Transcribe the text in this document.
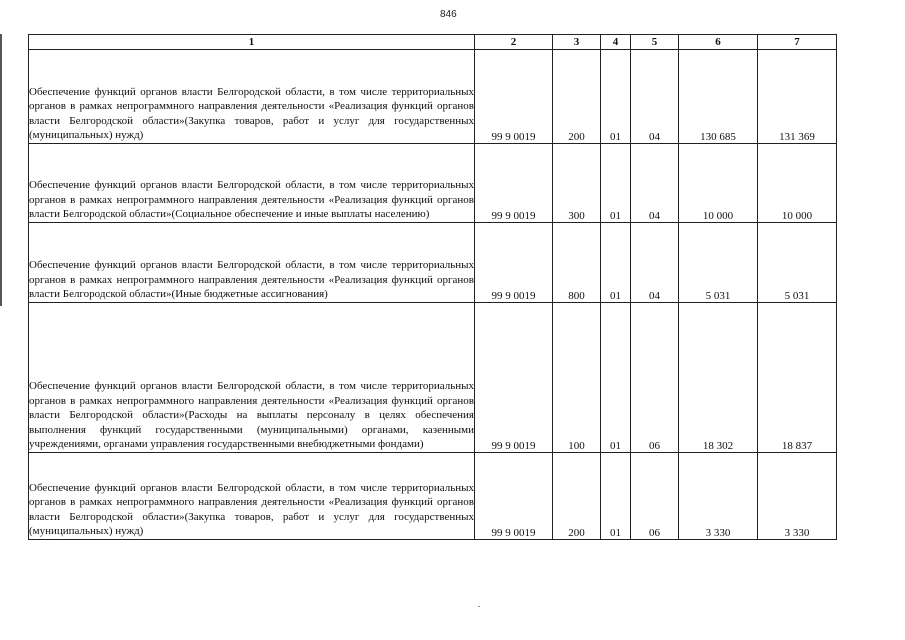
846
1	2	3	4	5	6	7
Обеспечение функций органов власти Белгородской области, в том числе территориальных органов в рамках непрограммного направления деятельности «Реализация функций органов власти Белгородской области»(Закупка товаров, работ и услуг для государственных (муниципальных) нужд)	99 9 0019	200	01	04	130 685	131 369
Обеспечение функций органов власти Белгородской области, в том числе территориальных органов в рамках непрограммного направления деятельности «Реализация функций органов власти Белгородской области»(Социальное обеспечение и иные выплаты населению)	99 9 0019	300	01	04	10 000	10 000
Обеспечение функций органов власти Белгородской области, в том числе территориальных органов в рамках непрограммного направления деятельности «Реализация функций органов власти Белгородской области»(Иные бюджетные ассигнования)	99 9 0019	800	01	04	5 031	5 031
Обеспечение функций органов власти Белгородской области, в том числе территориальных органов в рамках непрограммного направления деятельности «Реализация функций органов власти Белгородской области»(Расходы на выплаты персоналу в целях обеспечения выполнения функций государственными (муниципальными) органами, казенными учреждениями, органами управления государственными внебюджетными фондами)	99 9 0019	100	01	06	18 302	18 837
Обеспечение функций органов власти Белгородской области, в том числе территориальных органов в рамках непрограммного направления деятельности «Реализация функций органов власти Белгородской области»(Закупка товаров, работ и услуг для государственных (муниципальных) нужд)	99 9 0019	200	01	06	3 330	3 330
